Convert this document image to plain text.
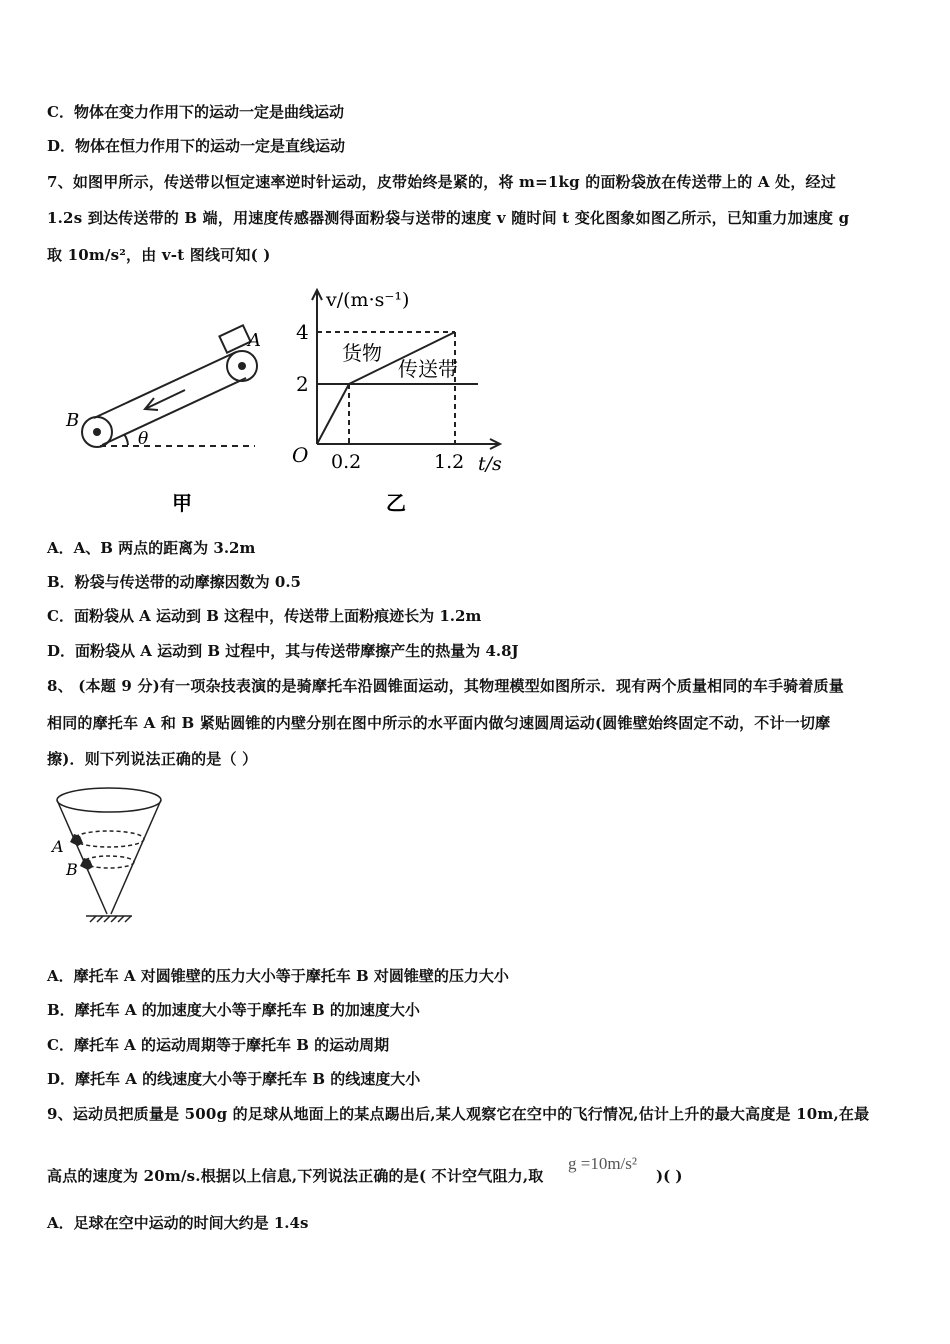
C．物体在变力作用下的运动一定是曲线运动
D．物体在恒力作用下的运动一定是直线运动
7、如图甲所示，传送带以恒定速率逆时针运动，皮带始终是紧的，将 m=1kg 的面粉袋放在传送带上的 A 处，经过
1.2s 到达传送带的 B 端，用速度传感器测得面粉袋与送带的速度 v 随时间 t 变化图象如图乙所示，已知重力加速度 g
取 10m/s²，由 v-t 图线可知( )
A
B
θ
甲
v/(m·s⁻¹)
t/s
O
4
2
0.2	1.2
货物
传送带
乙
A．A、B 两点的距离为 3.2m
B．粉袋与传送带的动摩擦因数为 0.5
C．面粉袋从 A 运动到 B 这程中，传送带上面粉痕迹长为 1.2m
D．面粉袋从 A 运动到 B 过程中，其与传送带摩擦产生的热量为 4.8J
8、 (本题 9 分)有一项杂技表演的是骑摩托车沿圆锥面运动，其物理模型如图所示．现有两个质量相同的车手骑着质量
相同的摩托车 A 和 B 紧贴圆锥的内壁分别在图中所示的水平面内做匀速圆周运动(圆锥壁始终固定不动，不计一切摩
擦)．则下列说法正确的是（ ）
A
B
A．摩托车 A 对圆锥壁的压力大小等于摩托车 B 对圆锥壁的压力大小
B．摩托车 A 的加速度大小等于摩托车 B 的加速度大小
C．摩托车 A 的运动周期等于摩托车 B 的运动周期
D．摩托车 A 的线速度大小等于摩托车 B 的线速度大小
9、运动员把质量是 500g 的足球从地面上的某点踢出后,某人观察它在空中的飞行情况,估计上升的最大高度是 10m,在最
高点的速度为 20m/s.根据以上信息,下列说法正确的是( 不计空气阻力,取
g =10m/s²
)( )
A．足球在空中运动的时间大约是 1.4s
